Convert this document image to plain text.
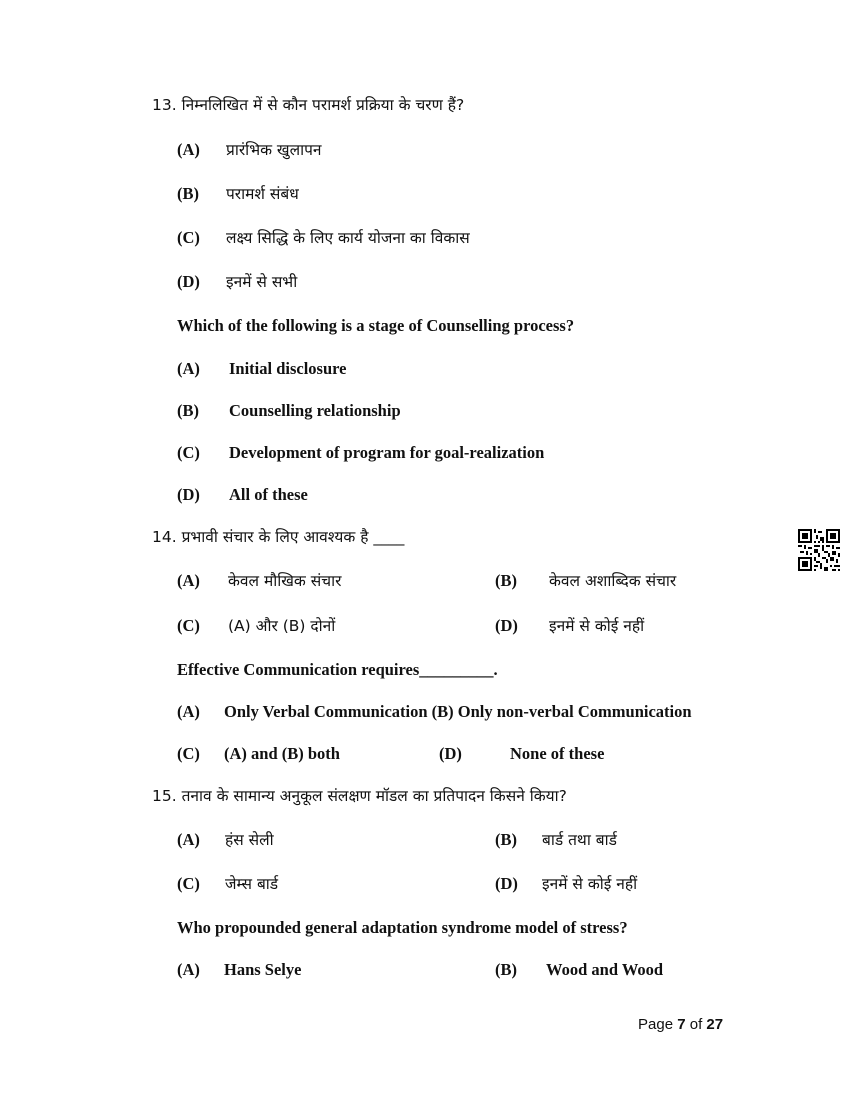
13. निम्नलिखित में से कौन परामर्श प्रक्रिया के चरण हैं?
(A) प्रारंभिक खुलापन
(B) परामर्श संबंध
(C) लक्ष्य सिद्धि के लिए कार्य योजना का विकास
(D) इनमें से सभी
Which of the following is a stage of Counselling process?
(A) Initial disclosure
(B) Counselling relationship
(C) Development of program for goal-realization
(D) All of these
14. प्रभावी संचार के लिए आवश्यक है ____
(A) केवल मौखिक संचार	(B) केवल अशाब्दिक संचार
(C) (A) और (B) दोनों	(D) इनमें से कोई नहीं
Effective Communication requires_________.
(A) Only Verbal Communication (B) Only non-verbal Communication
(C) (A) and (B) both	(D)	None of these
15. तनाव के सामान्य अनुकूल संलक्षण मॉडल का प्रतिपादन किसने किया?
(A) हंस सेली	(B) बार्ड तथा बार्ड
(C) जेम्स बार्ड	(D) इनमें से कोई नहीं
Who propounded general adaptation syndrome model of stress?
(A) Hans Selye	(B) Wood and Wood
Page 7 of 27
